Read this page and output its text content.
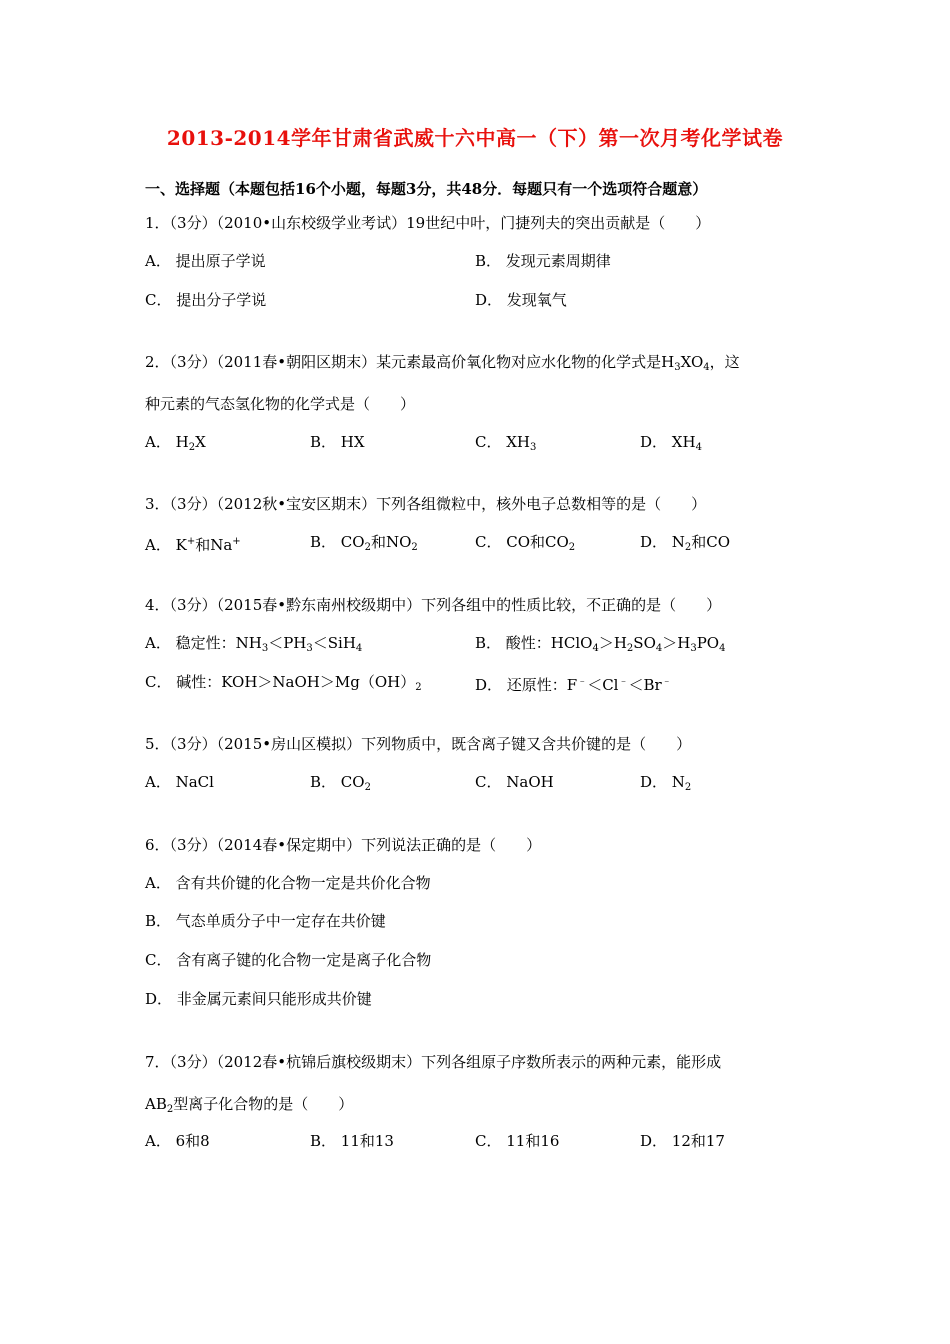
2013-2014学年甘肃省武威十六中高一（下）第一次月考化学试卷
一、选择题（本题包括16个小题，每题3分，共48分．每题只有一个选项符合题意）
1．（3分）（2010•山东校级学业考试）19世纪中叶，门捷列夫的突出贡献是（　　）
A． 提出原子学说	B． 发现元素周期律
C． 提出分子学说	D． 发现氧气
2．（3分）（2011春•朝阳区期末）某元素最高价氧化物对应水化物的化学式是$H_3XO_4$，这
种元素的气态氢化物的化学式是（　　）
A． $H_2X$	B． HX	C． $XH_3$	D． $XH_4$
3．（3分）（2012秋•宝安区期末）下列各组微粒中，核外电子总数相等的是（　　）
A． K+和Na+	B． $CO_2$和$NO_2$	C． CO和$CO_2$	D． $N_2$和CO
4．（3分）（2015春•黔东南州校级期中）下列各组中的性质比较，不正确的是（　　）
A． 稳定性：$NH_3<PH_3<SiH_4$	B． 酸性：$HClO_4>H_2SO_4>H_3PO_4$
C． 碱性：$KOH>NaOH>Mg(OH)_2$	D． 还原性：F﹣＜Cl﹣＜Br﹣
5．（3分）（2015•房山区模拟）下列物质中，既含离子键又含共价键的是（　　）
A． NaCl	B． $CO_2$	C． NaOH	D． $N_2$
6．（3分）（2014春•保定期中）下列说法正确的是（　　）
A． 含有共价键的化合物一定是共价化合物
B． 气态单质分子中一定存在共价键
C． 含有离子键的化合物一定是离子化合物
D． 非金属元素间只能形成共价键
7．（3分）（2012春•杭锦后旗校级期末）下列各组原子序数所表示的两种元素，能形成
$AB_2$型离子化合物的是（　　）
A． 6和8	B． 11和13	C． 11和16	D． 12和17
